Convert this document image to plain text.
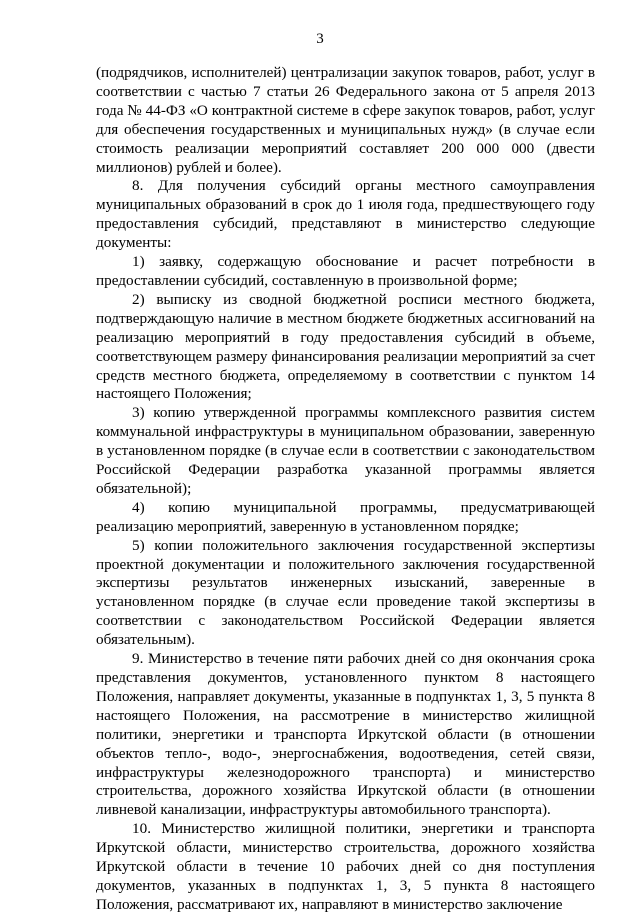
3

(подрядчиков, исполнителей) централизации закупок товаров, работ, услуг в соответствии с частью 7 статьи 26 Федерального закона от 5 апреля 2013 года № 44-ФЗ «О контрактной системе в сфере закупок товаров, работ, услуг для обеспечения государственных и муниципальных нужд» (в случае если стоимость реализации мероприятий составляет 200 000 000 (двести миллионов) рублей и более).

8. Для получения субсидий органы местного самоуправления муниципальных образований в срок до 1 июля года, предшествующего году предоставления субсидий, представляют в министерство следующие документы:

1) заявку, содержащую обоснование и расчет потребности в предоставлении субсидий, составленную в произвольной форме;

2) выписку из сводной бюджетной росписи местного бюджета, подтверждающую наличие в местном бюджете бюджетных ассигнований на реализацию мероприятий в году предоставления субсидий в объеме, соответствующем размеру финансирования реализации мероприятий за счет средств местного бюджета, определяемому в соответствии с пунктом 14 настоящего Положения;

3) копию утвержденной программы комплексного развития систем коммунальной инфраструктуры в муниципальном образовании, заверенную в установленном порядке (в случае если в соответствии с законодательством Российской Федерации разработка указанной программы является обязательной);

4) копию муниципальной программы, предусматривающей реализацию мероприятий, заверенную в установленном порядке;

5) копии положительного заключения государственной экспертизы проектной документации и положительного заключения государственной экспертизы результатов инженерных изысканий, заверенные в установленном порядке (в случае если проведение такой экспертизы в соответствии с законодательством Российской Федерации является обязательным).

9. Министерство в течение пяти рабочих дней со дня окончания срока представления документов, установленного пунктом 8 настоящего Положения, направляет документы, указанные в подпунктах 1, 3, 5 пункта 8 настоящего Положения, на рассмотрение в министерство жилищной политики, энергетики и транспорта Иркутской области (в отношении объектов тепло-, водо-, энергоснабжения, водоотведения, сетей связи, инфраструктуры железнодорожного транспорта) и министерство строительства, дорожного хозяйства Иркутской области (в отношении ливневой канализации, инфраструктуры автомобильного транспорта).

10. Министерство жилищной политики, энергетики и транспорта Иркутской области, министерство строительства, дорожного хозяйства Иркутской области в течение 10 рабочих дней со дня поступления документов, указанных в подпунктах 1, 3, 5 пункта 8 настоящего Положения, рассматривают их, направляют в министерство заключение
